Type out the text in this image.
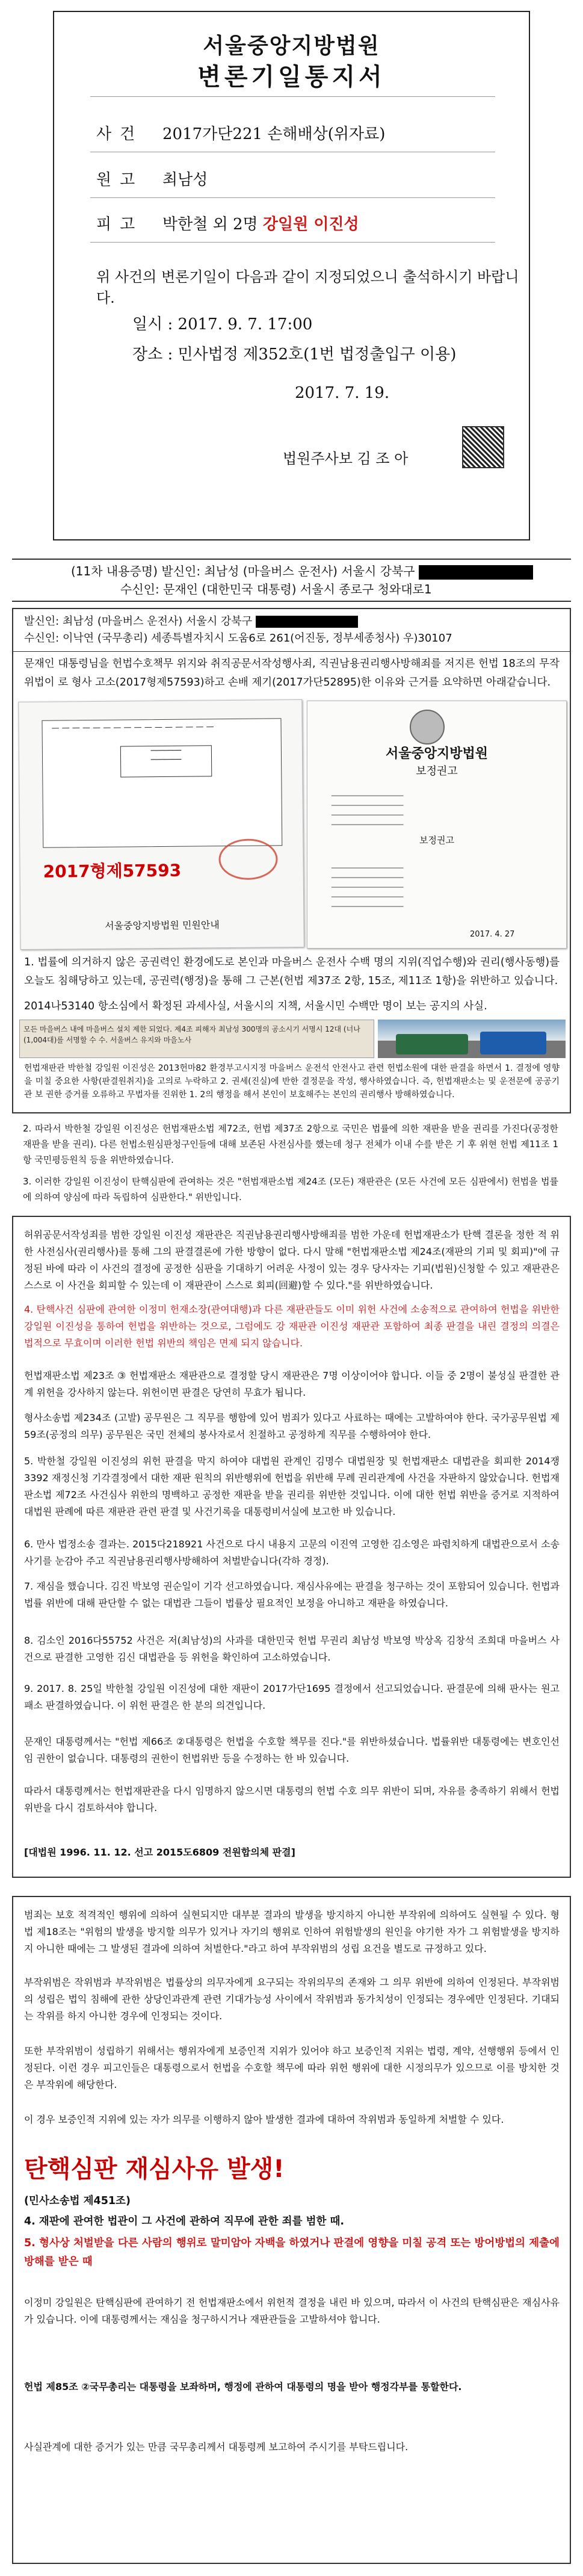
서울중앙지방법원
변론기일통지서
사건 2017가단221 손해배상(위자료)
원고 최남성
피고 박한철 외 2명 강일원 이진성
위 사건의 변론기일이 다음과 같이 지정되었으니 출석하시기 바랍니다.
일시 : 2017. 9. 7. 17:00
장소 : 민사법정 제352호(1번 법정출입구 이용)
2017. 7. 19.
법원주사보 김 조 아
(11차 내용증명) 발신인: 최남성 (마을버스 운전사) 서울시 강북구
수신인: 문재인 (대한민국 대통령) 서울시 종로구 청와대로1
발신인: 최남성 (마을버스 운전사) 서울시 강북구
수신인: 이낙연 (국무총리) 세종특별자치시 도움6로 261(어진동, 정부세종청사) 우)30107
문재인 대통령님을 헌법수호책무 위지와 취직공문서작성행사죄, 직권남용권리행사방해죄를 저지른 헌법 18조의 무작위법이 로 형사 고소(2017형제57593)하고 손배 제기(2017가단52895)한 이유와 근거를 요약하면 아래같습니다.
— — — — — — — — — — — — — — — —
───────
───────
2017형제57593
서울중앙지방법원 민원안내
서울중앙지방법원
보정권고
──────────────────
──────────────────
──────────────────
──────────────────
보정권고
──────────────────
──────────────────
──────────────────
──────────────────
──────────────────
2017. 4. 27
1. 법률에 의거하지 않은 공권력인 환경에도로 본인과 마을버스 운전사 수백 명의 지위(직업수행)와 권리(행사동행)를 오늘도 침해당하고 있는데, 공권력(행정)을 통해 그 근본(헌법 제37조 2항, 15조, 제11조 1항)을 위반하고 있습니다.
2014나53140 항소심에서 확정된 과세사실, 서울시의 지책, 서울시민 수백만 명이 보는 공지의 사실.
모든 마을버스 내에 마을버스 설치 제한 되었다. 제4조 피해자 최남성 300명의 공소시기 서명시 12대 (너나(1,004대)를 서명할 수 수. 서울버스 유지와 마을노사
헌법재판관 박한철 강일원 이진성은 2013헌마82 환경부고시지정 마을버스 운전석 안전사고 관련 헌법소원에 대한 판결을 하면서 1. 결정에 영향을 미칠 중요한 사항(판결원취지)을 고의로 누락하고 2. 권세(진실)에 반한 결정문을 작성, 행사하였습니다. 즉, 헌법재판소는 및 운전문에 공공기관 보 권한 증거를 오류하고 무법자를 진위한 1. 2의 행정을 해서 본인이 보호해주는 본인의 권리행사 방해하였습니다.
2. 따라서 박한철 강일원 이진성은 헌법재판소법 제72조, 헌법 제37조 2항으로 국민은 법률에 의한 재판을 받을 권리를 가진다(공정한 재판을 받을 권리). 다른 헌법소원심판청구인들에 대해 보존된 사전심사를 했는데 청구 전체가 이내 수를 받은 기 후 위현 헌법 제11조 1항 국민평등원칙 등을 위반하였습니다.
3. 이러한 강일원 이진성이 탄핵심판에 관여하는 것은 "헌법재판소법 제24조 (모든) 재판관은 (모든 사건에 모든 심판에서) 헌법을 법률에 의하여 양심에 따라 독립하여 심판한다." 위반입니다.
허위공문서작성죄를 범한 강일원 이진성 재판관은 직권남용권리행사방해죄를 범한 가운데 헌법재판소가 탄핵 결론을 정한 적 위한 사전심사(권리행사)를 통해 그의 판결결론에 가한 방향이 없다. 다시 말해 "헌법재판소법 제24조(재판의 기피 및 회피)"에 규정된 바에 따라 이 사건의 결정에 공정한 심판을 기대하기 어려운 사정이 있는 경우 당사자는 기피(법원)신청할 수 있고 재판관은 스스로 이 사건을 회피할 수 있는데 이 재판관이 스스로 회피(回避)할 수 있다."를 위반하였습니다.
4. 탄핵사건 심판에 관여한 이정미 헌재소장(관여대행)과 다른 재판관들도 이미 위헌 사건에 소송적으로 관여하여 헌법을 위반한 강일원 이진성을 통하여 헌법을 위반하는 것으로, 그럼에도 강 재판관 이진성 재판관 포함하여 최종 판결을 내린 결정의 의결은 법적으로 무효이며 이러한 헌법 위반의 책임은 면제 되지 않습니다.
헌법재판소법 제23조 ③ 헌법재판소 재판관으로 결정할 당시 재판관은 7명 이상이어야 합니다. 이들 중 2명이 불성실 판결한 관계 위헌을 강사하지 않는다. 위헌이면 판결은 당연히 무효가 됩니다.
형사소송법 제234조 (고발) 공무원은 그 직무를 행함에 있어 범죄가 있다고 사료하는 때에는 고발하여야 한다. 국가공무원법 제59조(공정의 의무) 공무원은 국민 전체의 봉사자로서 친절하고 공정하게 직무를 수행하여야 한다.
5. 박한철 강일원 이진성의 위헌 판결을 막지 하여야 대법원 관계인 김명수 대법원장 및 헌법재판소 대법관을 회피한 2014쟁3392 재정신청 기각결정에서 대한 재판 원칙의 위반행위에 헌법을 위반해 무례 권리관계에 사건을 자판하지 않았습니다. 헌법재판소법 제72조 사건심사 위한의 명백하고 공정한 재판을 받을 권리를 위반한 것입니다. 이에 대한 헌법 위반을 증거로 지적하여 대법원 판례에 따른 재판관 관련 판결 및 사건기록을 대통령비서실에 보고한 바 있습니다.
6. 만사 법정소송 결과는. 2015다218921 사건으로 다시 내용지 고문의 이진역 고영한 김소영은 파렴치하게 대법관으로서 소송사기를 눈감아 주고 직권남용권리행사방해하여 처벌받습니다(각하 경정).
7. 재심을 했습니다. 김진 박보영 권순일이 기각 선고하였습니다. 재심사유에는 판결을 청구하는 것이 포함되어 있습니다. 헌법과 법률 위반에 대해 판단할 수 없는 대법관 그들이 법률상 필요적인 보정을 아니하고 재판을 하였습니다.
8. 김소인 2016다55752 사건은 저(최남성)의 사과를 대한민국 헌법 무권리 최남성 박보영 박상옥 김창석 조희대 마을버스 사건으로 판결한 고영한 김신 대법관을 등 위헌을 확인하여 고소하였습니다.
9. 2017. 8. 25일 박한철 강일원 이진성에 대한 재판이 2017가단1695 결정에서 선고되었습니다. 판결문에 의해 판사는 원고 패소 판결하였습니다. 이 위헌 판결은 한 분의 의견입니다.
문재인 대통령께서는 "헌법 제66조 ②대통령은 헌법을 수호할 책무를 진다."를 위반하셨습니다. 법률위반 대통령에는 변호인선임 권한이 없습니다. 대통령의 권한이 헌법위반 등을 수정하는 한 바 있습니다.
따라서 대통령께서는 헌법재판관을 다시 임명하지 않으시면 대통령의 헌법 수호 의무 위반이 되며, 자유를 충족하기 위해서 헌법 위반을 다시 검토하셔야 합니다.
[대법원 1996. 11. 12. 선고 2015도6809 전원합의체 판결]
범죄는 보호 적격적인 행위에 의하여 실현되지만 대부분 결과의 발생을 방지하지 아니한 부작위에 의하여도 실현될 수 있다. 형법 제18조는 "위험의 발생을 방지할 의무가 있거나 자기의 행위로 인하여 위험발생의 원인을 야기한 자가 그 위험발생을 방지하지 아니한 때에는 그 발생된 결과에 의하여 처벌한다."라고 하여 부작위범의 성립 요건을 별도로 규정하고 있다.
부작위범은 작위범과 부작위범은 법률상의 의무자에게 요구되는 작위의무의 존재와 그 의무 위반에 의하여 인정된다. 부작위범의 성립은 법익 침해에 관한 상당인과관계 관련 기대가능성 사이에서 작위범과 동가치성이 인정되는 경우에만 인정된다. 기대되는 작위를 하지 아니한 경우에 인정되는 것이다.
또한 부작위범이 성립하기 위해서는 행위자에게 보증인적 지위가 있어야 하고 보증인적 지위는 법령, 계약, 선행행위 등에서 인정된다. 이런 경우 피고인들은 대통령으로서 헌법을 수호할 책무에 따라 위헌 행위에 대한 시정의무가 있으므로 이를 방치한 것은 부작위에 해당한다.
이 경우 보증인적 지위에 있는 자가 의무를 이행하지 않아 발생한 결과에 대하여 작위범과 동일하게 처벌할 수 있다.
탄핵심판 재심사유 발생!
(민사소송법 제451조)
4. 재판에 관여한 법관이 그 사건에 관하여 직무에 관한 죄를 범한 때.
5. 형사상 처벌받을 다른 사람의 행위로 말미암아 자백을 하였거나 판결에 영향을 미칠 공격 또는 방어방법의 제출에 방해를 받은 때
이정미 강일원은 탄핵심판에 관여하기 전 헌법재판소에서 위헌적 결정을 내린 바 있으며, 따라서 이 사건의 탄핵심판은 재심사유가 있습니다. 이에 대통령께서는 재심을 청구하시거나 재판관들을 고발하셔야 합니다.
헌법 제85조 ②국무총리는 대통령을 보좌하며, 행정에 관하여 대통령의 명을 받아 행정각부를 통할한다.
사실관계에 대한 증거가 있는 만큼 국무총리께서 대통령께 보고하여 주시기를 부탁드립니다.
